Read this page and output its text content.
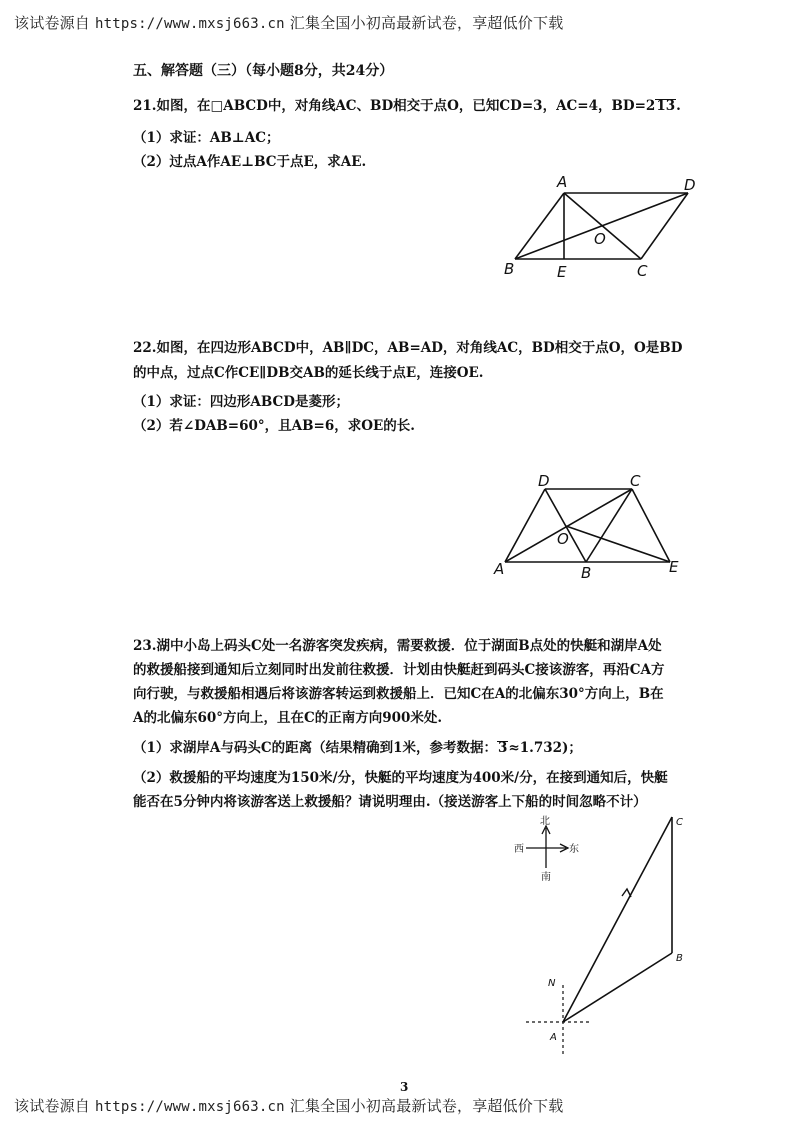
该试卷源自 https://www.mxsj663.cn 汇集全国小初高最新试卷，享超低价下载
五、解答题（三）（每小题8分，共24分）
21.如图，在□ABCD中，对角线AC、BD相交于点O，已知CD=3，AC=4，BD=213.
（1）求证：AB⊥AC；
（2）过点A作AE⊥BC于点E，求AE.
A	D
O
B	E	C
D	C
O
A	B	E
北
南
西	东
C
B
N
A
22.如图，在四边形ABCD中，AB∥DC，AB=AD，对角线AC，BD相交于点O，O是BD
的中点，过点C作CE∥DB交AB的延长线于点E，连接OE.
（1）求证：四边形ABCD是菱形；
（2）若∠DAB=60°，且AB=6，求OE的长.
23.湖中小岛上码头C处一名游客突发疾病，需要救援．位于湖面B点处的快艇和湖岸A处
的救援船接到通知后立刻同时出发前往救援．计划由快艇赶到码头C接该游客，再沿CA方
向行驶，与救援船相遇后将该游客转运到救援船上．已知C在A的北偏东30°方向上，B在
A的北偏东60°方向上，且在C的正南方向900米处.
（1）求湖岸A与码头C的距离（结果精确到1米，参考数据：3≈1.732)；
（2）救援船的平均速度为150米/分，快艇的平均速度为400米/分，在接到通知后，快艇
能否在5分钟内将该游客送上救援船？请说明理由.（接送游客上下船的时间忽略不计）
3
该试卷源自 https://www.mxsj663.cn 汇集全国小初高最新试卷，享超低价下载
